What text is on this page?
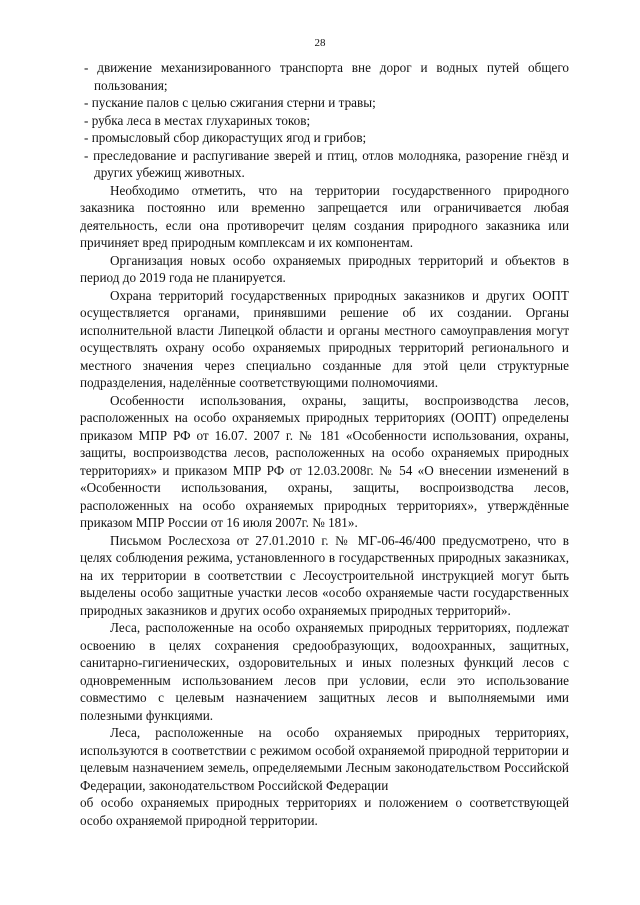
28

- движение механизированного транспорта вне дорог и водных путей общего пользования;

- пускание палов с целью сжигания стерни и травы;

- рубка леса в местах глухариных токов;

- промысловый сбор дикорастущих ягод и грибов;

- преследование и распугивание зверей и птиц, отлов молодняка, разорение гнёзд и других убежищ животных.

Необходимо отметить, что на территории государственного природного заказника постоянно или временно запрещается или ограничивается любая деятельность, если она противоречит целям создания природного заказника или причиняет вред природным комплексам и их компонентам.

Организация новых особо охраняемых природных территорий и объектов в период до 2019 года не планируется.

Охрана территорий государственных природных заказников и других ООПТ осуществляется органами, принявшими решение об их создании. Органы исполнительной власти Липецкой области и органы местного самоуправления могут осуществлять охрану особо охраняемых природных территорий регионального и местного значения через специально созданные для этой цели структурные подразделения, наделённые соответствующими полномочиями.

Особенности использования, охраны, защиты, воспроизводства лесов, расположенных на особо охраняемых природных территориях (ООПТ) определены приказом МПР РФ от 16.07. 2007 г. № 181 «Особенности использования, охраны, защиты, воспроизводства лесов, расположенных на особо охраняемых природных территориях» и приказом МПР РФ от 12.03.2008г. № 54 «О внесении изменений в «Особенности использования, охраны, защиты, воспроизводства лесов, расположенных на особо охраняемых природных территориях», утверждённые приказом МПР России от 16 июля 2007г. № 181».

Письмом Рослесхоза от 27.01.2010 г. № МГ-06-46/400 предусмотрено, что в целях соблюдения режима, установленного в государственных природных заказниках, на их территории в соответствии с Лесоустроительной инструкцией могут быть выделены особо защитные участки лесов «особо охраняемые части государственных природных заказников и других особо охраняемых природных территорий».

Леса, расположенные на особо охраняемых природных территориях, подлежат освоению в целях сохранения средообразующих, водоохранных, защитных, санитарно-гигиенических, оздоровительных и иных полезных функций лесов с одновременным использованием лесов при условии, если это использование совместимо с целевым назначением защитных лесов и выполняемыми ими полезными функциями.

Леса, расположенные на особо охраняемых природных территориях, используются в соответствии с режимом особой охраняемой природной территории и целевым назначением земель, определяемыми Лесным законодательством Российской Федерации, законодательством Российской Федерации
об особо охраняемых природных территориях и положением о соответствующей особо охраняемой природной территории.
